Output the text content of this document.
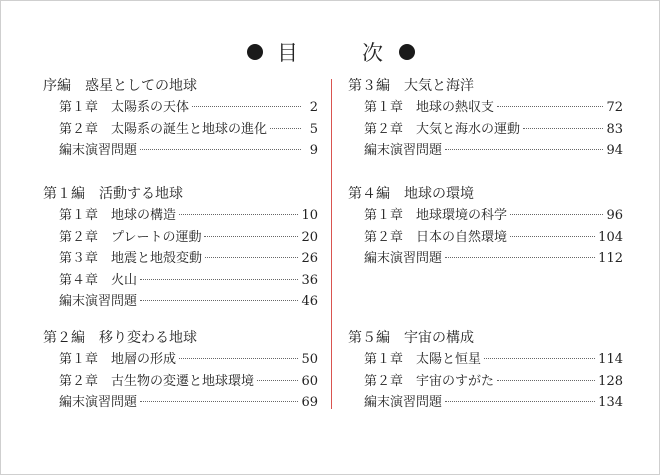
目	次
序編　惑星としての地球
第１章　太陽系の天体	2
第２章　太陽系の誕生と地球の進化	5
編末演習問題	9
第１編　活動する地球
第１章　地球の構造	10
第２章　プレートの運動	20
第３章　地震と地殻変動	26
第４章　火山	36
編末演習問題	46
第２編　移り変わる地球
第１章　地層の形成	50
第２章　古生物の変遷と地球環境	60
編末演習問題	69
第３編　大気と海洋
第１章　地球の熱収支	72
第２章　大気と海水の運動	83
編末演習問題	94
第４編　地球の環境
第１章　地球環境の科学	96
第２章　日本の自然環境	104
編末演習問題	112
第５編　宇宙の構成
第１章　太陽と恒星	114
第２章　宇宙のすがた	128
編末演習問題	134
